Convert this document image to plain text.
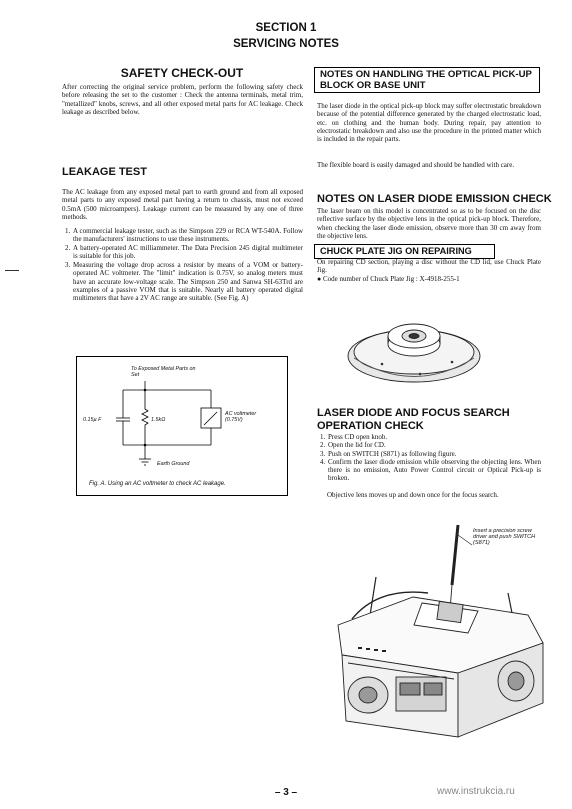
SECTION 1
SERVICING NOTES
SAFETY CHECK-OUT
After correcting the original service problem, perform the following safety check before releasing the set to the customer : Check the antenna terminals, metal trim, "metallized" knobs, screws, and all other exposed metal parts for AC leakage. Check leakage as described below.
LEAKAGE TEST
The AC leakage from any exposed metal part to earth ground and from all exposed metal parts to any exposed metal part having a return to chassis, must not exceed 0.5mA (500 microampers). Leakage current can be measured by any one of three methods.
1. A commercial leakage tester, such as the Simpson 229 or RCA WT-540A. Follow the manufacturers' instructions to use these instruments.
2. A battery-operated AC milliammeter. The Data Precision 245 digital multimeter is suitable for this job.
3. Measuring the voltage drop across a resistor by means of a VOM or battery-operated AC voltmeter. The "limit" indication is 0.75V, so analog meters must have an accurate low-voltage scale. The Simpson 250 and Sanwa SH-63Trd are examples of a passive VOM that is suitable. Nearly all battery operated digital multimeters that have a 2V AC range are suitable. (See Fig. A)
To Exposed Metal Parts on Set
0.15µ F	1.5kΩ
AC voltmeter (0.75V)
Earth Ground
Fig. A. Using an AC voltmeter to check AC leakage.
NOTES ON HANDLING THE OPTICAL PICK-UP BLOCK OR BASE UNIT
The laser diode in the optical pick-up block may suffer electrostatic breakdown because of the potential difference generated by the charged electrostatic load, etc. on clothing and the human body. During repair, pay attention to electrostatic breakdown and also use the procedure in the printed matter which is included in the repair parts.
The flexible board is easily damaged and should be handled with care.
NOTES ON LASER DIODE EMISSION CHECK
The laser beam on this model is concentrated so as to be focused on the disc reflective surface by the objective lens in the optical pick-up block. Therefore, when checking the laser diode emission, observe more than 30 cm away from the objective lens.
CHUCK PLATE JIG ON REPAIRING
On repairing CD section, playing a disc without the CD lid, use Chuck Plate Jig.
● Code number of Chuck Plate Jig : X-4918-255-1
LASER DIODE AND FOCUS SEARCH OPERATION CHECK
1. Press CD open knob.
2. Open the lid for CD.
3. Push on SWITCH (S871) as following figure.
4. Confirm the laser diode emission while observing the objecting lens. When there is no emission, Auto Power Control circuit or Optical Pick-up is broken.
Objective lens moves up and down once for the focus search.
Insert a precision screw driver and push SWITCH (S871)
– 3 –	www.instrukcia.ru
